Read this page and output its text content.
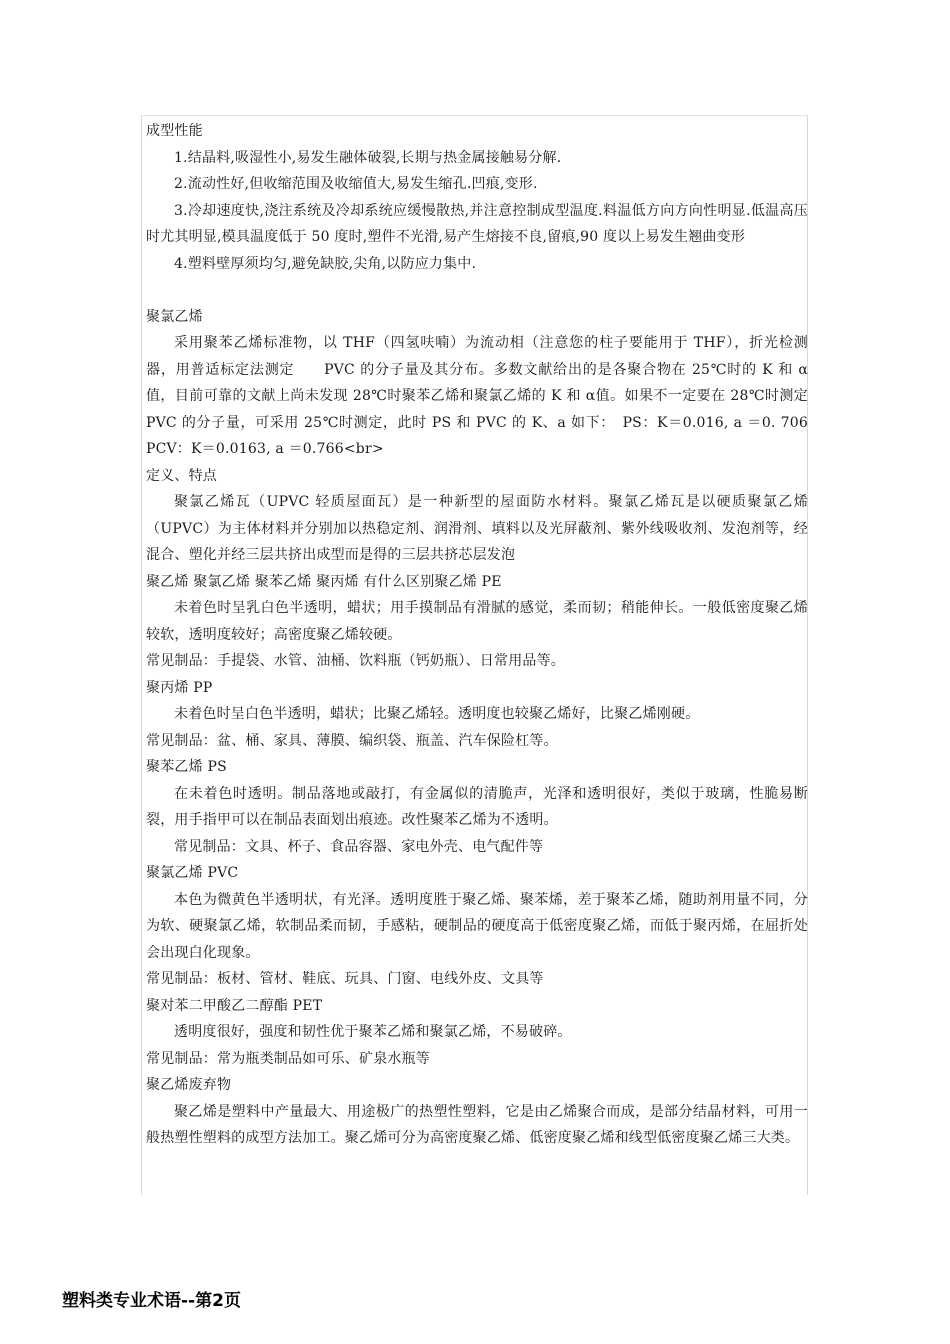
成型性能

1.结晶料,吸湿性小,易发生融体破裂,长期与热金属接触易分解.

2.流动性好,但收缩范围及收缩值大,易发生缩孔.凹痕,变形.

3.冷却速度快,浇注系统及冷却系统应缓慢散热,并注意控制成型温度.料温低方向方向性明显.低温高压时尤其明显,模具温度低于 50 度时,塑件不光滑,易产生熔接不良,留痕,90 度以上易发生翘曲变形

4.塑料壁厚须均匀,避免缺胶,尖角,以防应力集中.

聚氯乙烯

采用聚苯乙烯标准物，以 THF（四氢呋喃）为流动相（注意您的柱子要能用于 THF），折光检测器，用普适标定法测定　　PVC 的分子量及其分布。多数文献给出的是各聚合物在 25℃时的 K 和 α值，目前可靠的文献上尚未发现 28℃时聚苯乙烯和聚氯乙烯的 K 和 α值。如果不一定要在 28℃时测定 PVC 的分子量，可采用 25℃时测定，此时 PS 和 PVC 的 K、a 如下：　PS：K＝0.016, a ＝0. 706　　　PCV：K＝0.0163, a ＝0.766<br>

定义、特点

聚氯乙烯瓦（UPVC 轻质屋面瓦）是一种新型的屋面防水材料。聚氯乙烯瓦是以硬质聚氯乙烯（UPVC）为主体材料并分别加以热稳定剂、润滑剂、填料以及光屏蔽剂、紫外线吸收剂、发泡剂等，经混合、塑化并经三层共挤出成型而是得的三层共挤芯层发泡

聚乙烯 聚氯乙烯 聚苯乙烯 聚丙烯 有什么区别聚乙烯 PE

未着色时呈乳白色半透明，蜡状；用手摸制品有滑腻的感觉，柔而韧；稍能伸长。一般低密度聚乙烯较软，透明度较好；高密度聚乙烯较硬。

常见制品：手提袋、水管、油桶、饮料瓶（钙奶瓶）、日常用品等。

聚丙烯 PP

未着色时呈白色半透明，蜡状；比聚乙烯轻。透明度也较聚乙烯好，比聚乙烯刚硬。

常见制品：盆、桶、家具、薄膜、编织袋、瓶盖、汽车保险杠等。

聚苯乙烯 PS

在未着色时透明。制品落地或敲打，有金属似的清脆声，光泽和透明很好，类似于玻璃，性脆易断裂，用手指甲可以在制品表面划出痕迹。改性聚苯乙烯为不透明。

常见制品：文具、杯子、食品容器、家电外壳、电气配件等

聚氯乙烯 PVC

本色为微黄色半透明状，有光泽。透明度胜于聚乙烯、聚苯烯，差于聚苯乙烯，随助剂用量不同，分为软、硬聚氯乙烯，软制品柔而韧，手感粘，硬制品的硬度高于低密度聚乙烯，而低于聚丙烯，在屈折处会出现白化现象。

常见制品：板材、管材、鞋底、玩具、门窗、电线外皮、文具等

聚对苯二甲酸乙二醇酯 PET

透明度很好，强度和韧性优于聚苯乙烯和聚氯乙烯，不易破碎。

常见制品：常为瓶类制品如可乐、矿泉水瓶等

聚乙烯废弃物

聚乙烯是塑料中产量最大、用途极广的热塑性塑料，它是由乙烯聚合而成，是部分结晶材料，可用一般热塑性塑料的成型方法加工。聚乙烯可分为高密度聚乙烯、低密度聚乙烯和线型低密度聚乙烯三大类。

塑料类专业术语--第2页
